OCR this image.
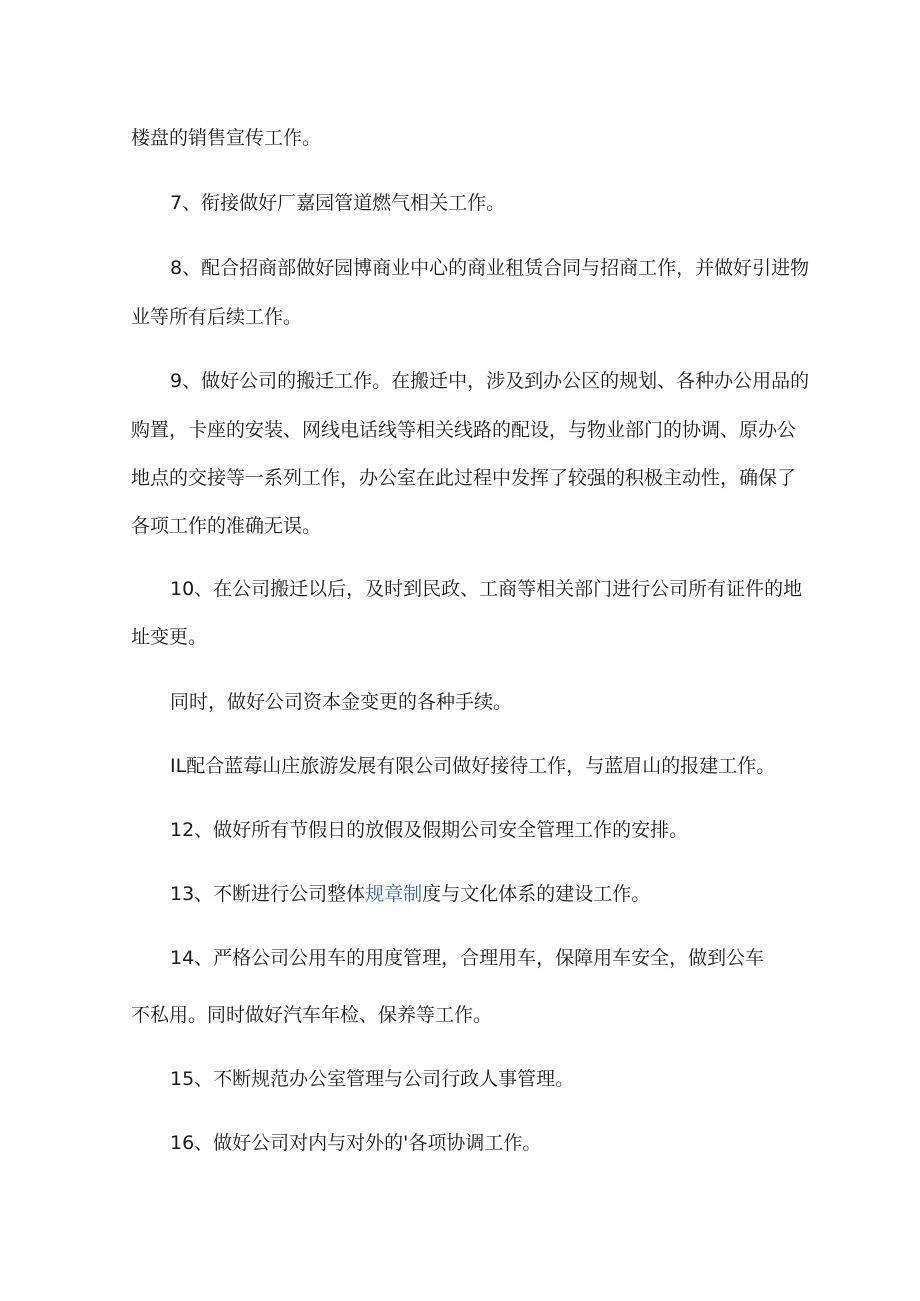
楼盘的销售宣传工作。

7、衔接做好厂嘉园管道燃气相关工作。

8、配合招商部做好园博商业中心的商业租赁合同与招商工作，并做好引进物

业等所有后续工作。

9、做好公司的搬迁工作。在搬迁中，涉及到办公区的规划、各种办公用品的

购置，卡座的安装、网线电话线等相关线路的配设，与物业部门的协调、原办公

地点的交接等一系列工作，办公室在此过程中发挥了较强的积极主动性，确保了

各项工作的准确无误。

10、在公司搬迁以后，及时到民政、工商等相关部门进行公司所有证件的地

址变更。

同时，做好公司资本金变更的各种手续。

IL配合蓝莓山庄旅游发展有限公司做好接待工作，与蓝眉山的报建工作。

12、做好所有节假日的放假及假期公司安全管理工作的安排。

13、不断进行公司整体规章制度与文化体系的建设工作。

14、严格公司公用车的用度管理，合理用车，保障用车安全，做到公车

不私用。同时做好汽车年检、保养等工作。

15、不断规范办公室管理与公司行政人事管理。

16、做好公司对内与对外的'各项协调工作。
